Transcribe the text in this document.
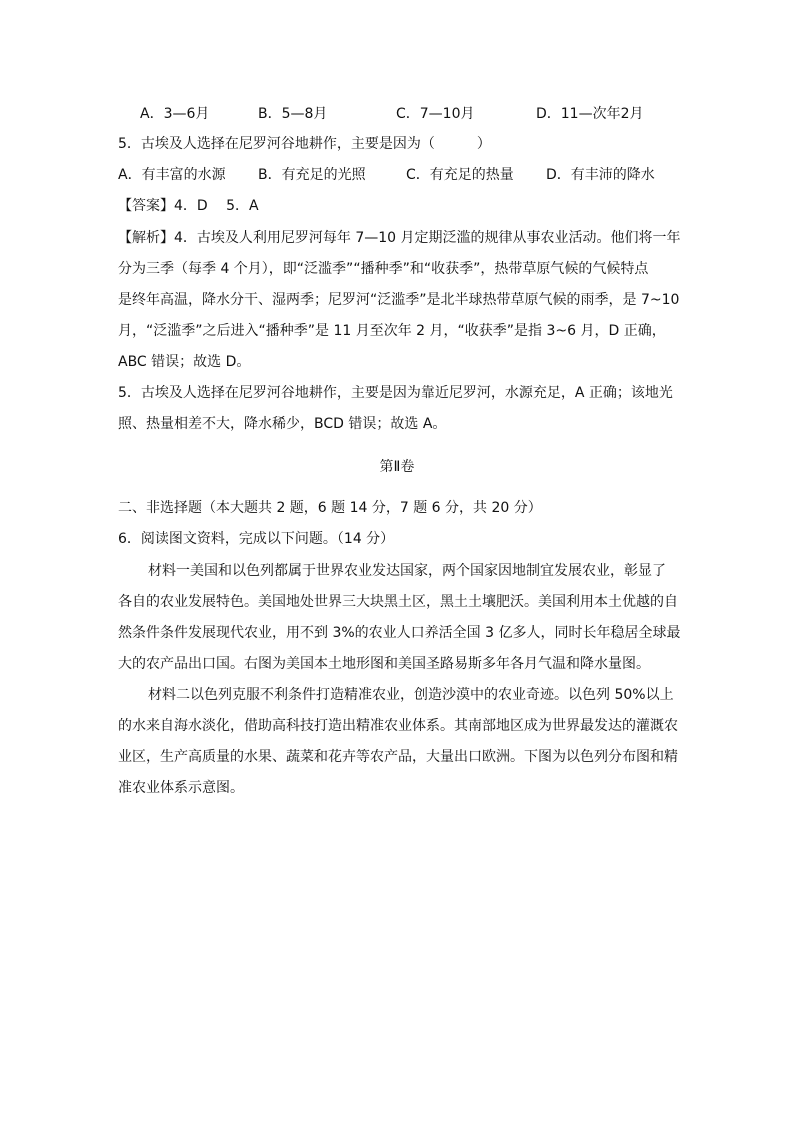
A．3—6月	B．5—8月	C．7—10月	D．11—次年2月
5．古埃及人选择在尼罗河谷地耕作，主要是因为（　　　）
A．有丰富的水源 B．有充足的光照	C．有充足的热量 D．有丰沛的降水
【答案】4．D　 5．A
【解析】4．古埃及人利用尼罗河每年 7—10 月定期泛滥的规律从事农业活动。他们将一年
分为三季（每季 4 个月），即“泛滥季”“播种季”和“收获季”，热带草原气候的气候特点
是终年高温，降水分干、湿两季；尼罗河“泛滥季”是北半球热带草原气候的雨季，是 7~10
月，“泛滥季”之后进入“播种季”是 11 月至次年 2 月，“收获季”是指 3~6 月，D 正确，
ABC 错误；故选 D。
5．古埃及人选择在尼罗河谷地耕作，主要是因为靠近尼罗河，水源充足，A 正确；该地光
照、热量相差不大，降水稀少，BCD 错误；故选 A。
第Ⅱ卷
二、非选择题（本大题共 2 题，6 题 14 分，7 题 6 分，共 20 分）
6．阅读图文资料，完成以下问题。（14 分）
材料一美国和以色列都属于世界农业发达国家，两个国家因地制宜发展农业，彰显了
各自的农业发展特色。美国地处世界三大块黑土区，黑土土壤肥沃。美国利用本土优越的自
然条件条件发展现代农业，用不到 3%的农业人口养活全国 3 亿多人，同时长年稳居全球最
大的农产品出口国。右图为美国本土地形图和美国圣路易斯多年各月气温和降水量图。
材料二以色列克服不利条件打造精准农业，创造沙漠中的农业奇迹。以色列 50%以上
的水来自海水淡化，借助高科技打造出精准农业体系。其南部地区成为世界最发达的灌溉农
业区，生产高质量的水果、蔬菜和花卉等农产品，大量出口欧洲。下图为以色列分布图和精
准农业体系示意图。
